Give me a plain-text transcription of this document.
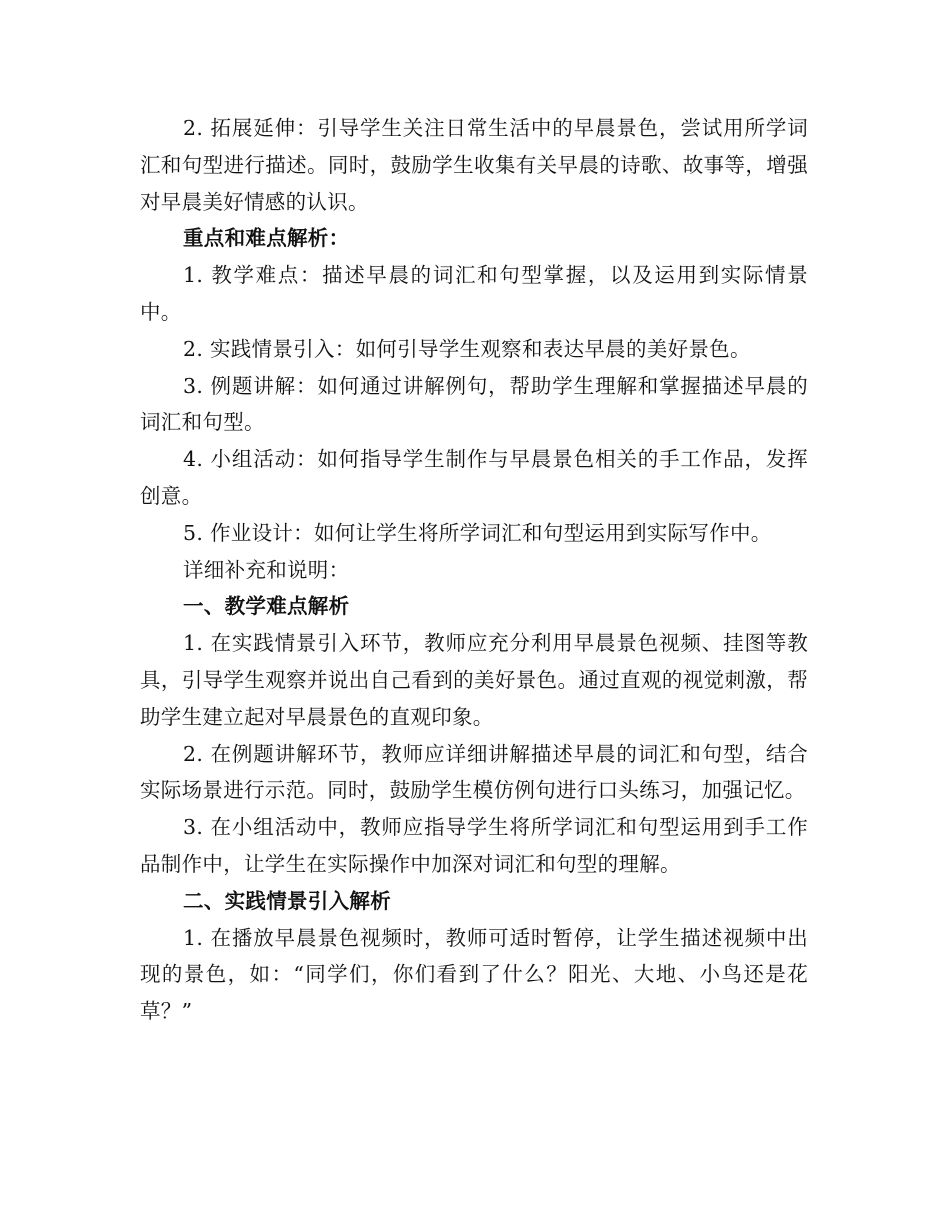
2. 拓展延伸：引导学生关注日常生活中的早晨景色，尝试用所学词汇和句型进行描述。同时，鼓励学生收集有关早晨的诗歌、故事等，增强对早晨美好情感的认识。

重点和难点解析：

1. 教学难点：描述早晨的词汇和句型掌握，以及运用到实际情景中。

2. 实践情景引入：如何引导学生观察和表达早晨的美好景色。

3. 例题讲解：如何通过讲解例句，帮助学生理解和掌握描述早晨的词汇和句型。

4. 小组活动：如何指导学生制作与早晨景色相关的手工作品，发挥创意。

5. 作业设计：如何让学生将所学词汇和句型运用到实际写作中。

详细补充和说明：

一、教学难点解析

1. 在实践情景引入环节，教师应充分利用早晨景色视频、挂图等教具，引导学生观察并说出自己看到的美好景色。通过直观的视觉刺激，帮助学生建立起对早晨景色的直观印象。

2. 在例题讲解环节，教师应详细讲解描述早晨的词汇和句型，结合实际场景进行示范。同时，鼓励学生模仿例句进行口头练习，加强记忆。

3. 在小组活动中，教师应指导学生将所学词汇和句型运用到手工作品制作中，让学生在实际操作中加深对词汇和句型的理解。

二、实践情景引入解析

1. 在播放早晨景色视频时，教师可适时暂停，让学生描述视频中出现的景色，如：“同学们，你们看到了什么？阳光、大地、小鸟还是花草？”
